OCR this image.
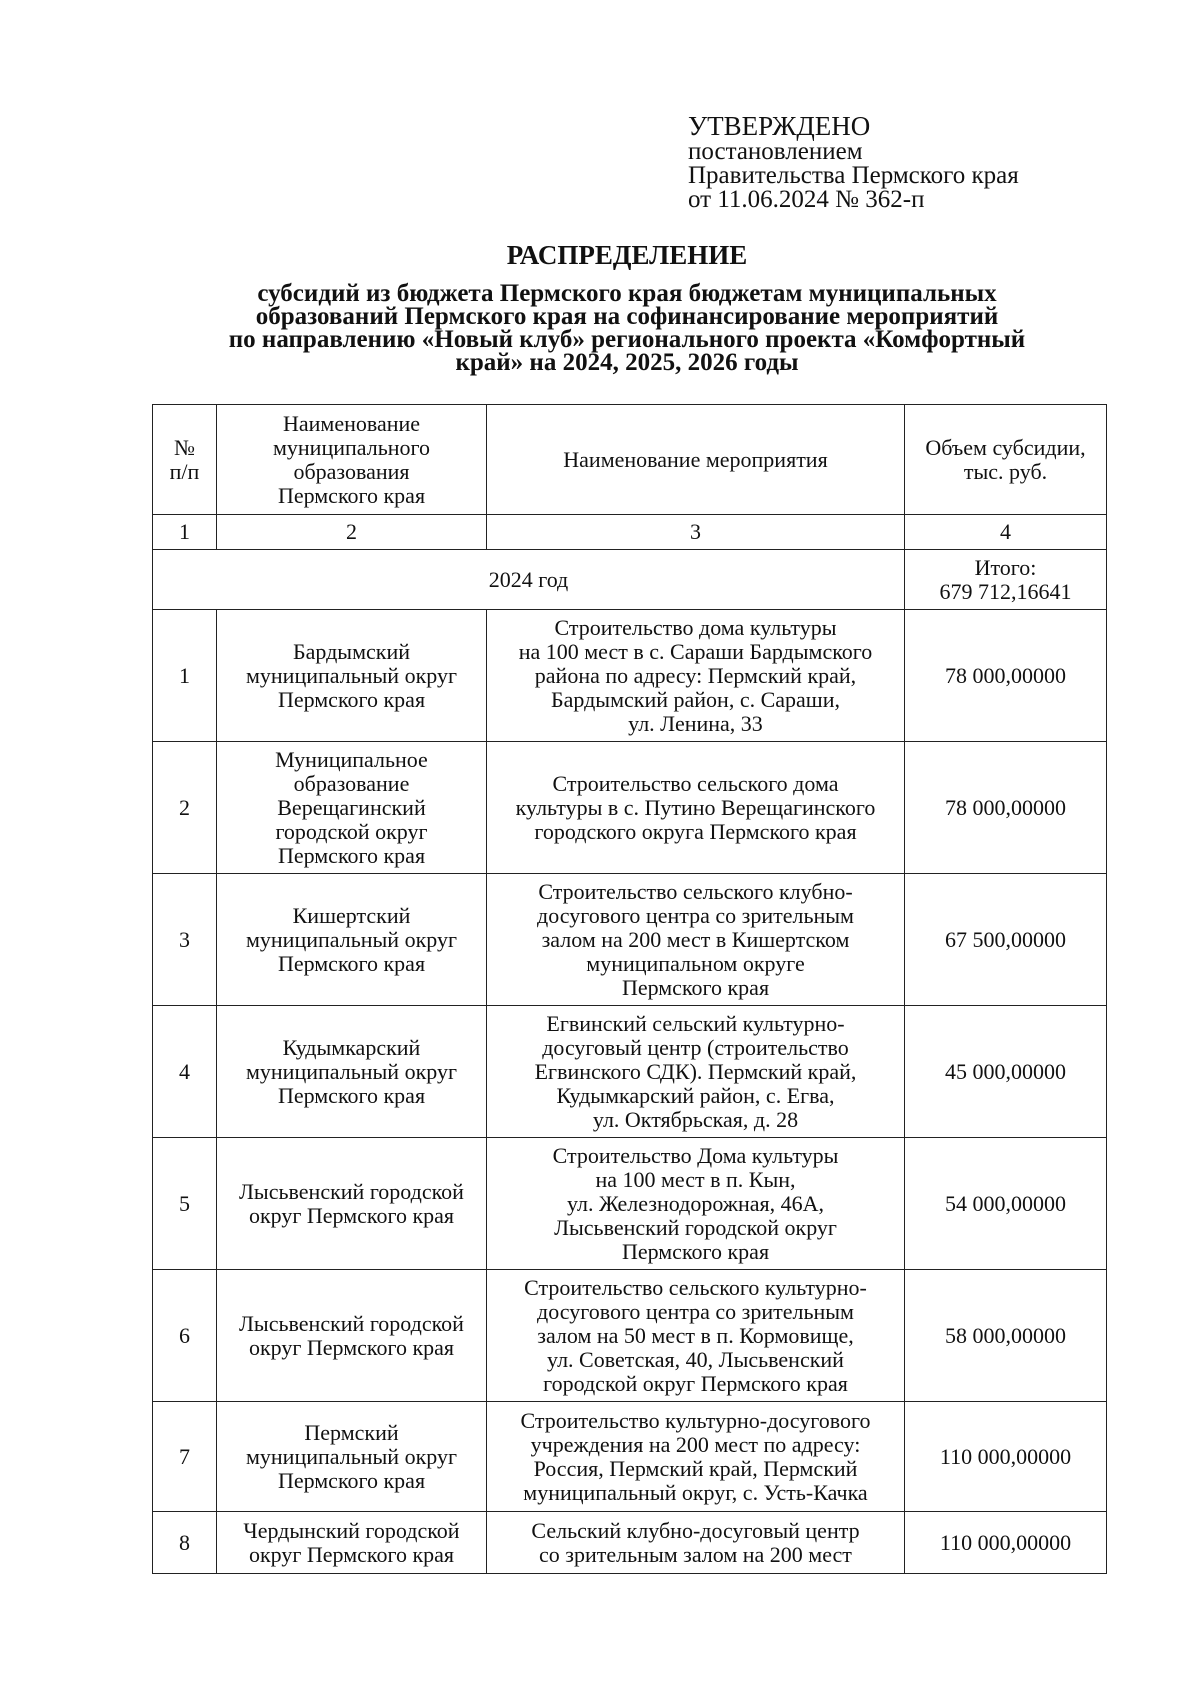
УТВЕРЖДЕНО
постановлением
Правительства Пермского края
от 11.06.2024 № 362-п
РАСПРЕДЕЛЕНИЕ
субсидий из бюджета Пермского края бюджетам муниципальных
образований Пермского края на софинансирование мероприятий
по направлению «Новый клуб» регионального проекта «Комфортный
край» на 2024, 2025, 2026 годы
№
п/п	Наименование
муниципального
образования
Пермского края	Наименование мероприятия	Объем субсидии,
тыс. руб.

1	2	3	4
2024 год			Итого:
679 712,16641

1	Бардымский
муниципальный округ
Пермского края	Строительство дома культуры
на 100 мест в с. Сараши Бардымского
района по адресу: Пермский край,
Бардымский район, с. Сараши,
ул. Ленина, 33	78 000,00000
2	Муниципальное
образование
Верещагинский
городской округ
Пермского края	Строительство сельского дома
культуры в с. Путино Верещагинского
городского округа Пермского края	78 000,00000
3	Кишертский
муниципальный округ
Пермского края	Строительство сельского клубно-
досугового центра со зрительным
залом на 200 мест в Кишертском
муниципальном округе
Пермского края	67 500,00000
4	Кудымкарский
муниципальный округ
Пермского края	Егвинский сельский культурно-
досуговый центр (строительство
Егвинского СДК). Пермский край,
Кудымкарский район, с. Егва,
ул. Октябрьская, д. 28	45 000,00000
5	Лысьвенский городской
округ Пермского края	Строительство Дома культуры
на 100 мест в п. Кын,
ул. Железнодорожная, 46А,
Лысьвенский городской округ
Пермского края	54 000,00000
6	Лысьвенский городской
округ Пермского края	Строительство сельского культурно-
досугового центра со зрительным
залом на 50 мест в п. Кормовище,
ул. Советская, 40, Лысьвенский
городской округ Пермского края	58 000,00000
7	Пермский
муниципальный округ
Пермского края	Строительство культурно-досугового
учреждения на 200 мест по адресу:
Россия, Пермский край, Пермский
муниципальный округ, с. Усть-Качка	110 000,00000
8	Чердынский городской
округ Пермского края	Сельский клубно-досуговый центр
со зрительным залом на 200 мест	110 000,00000
